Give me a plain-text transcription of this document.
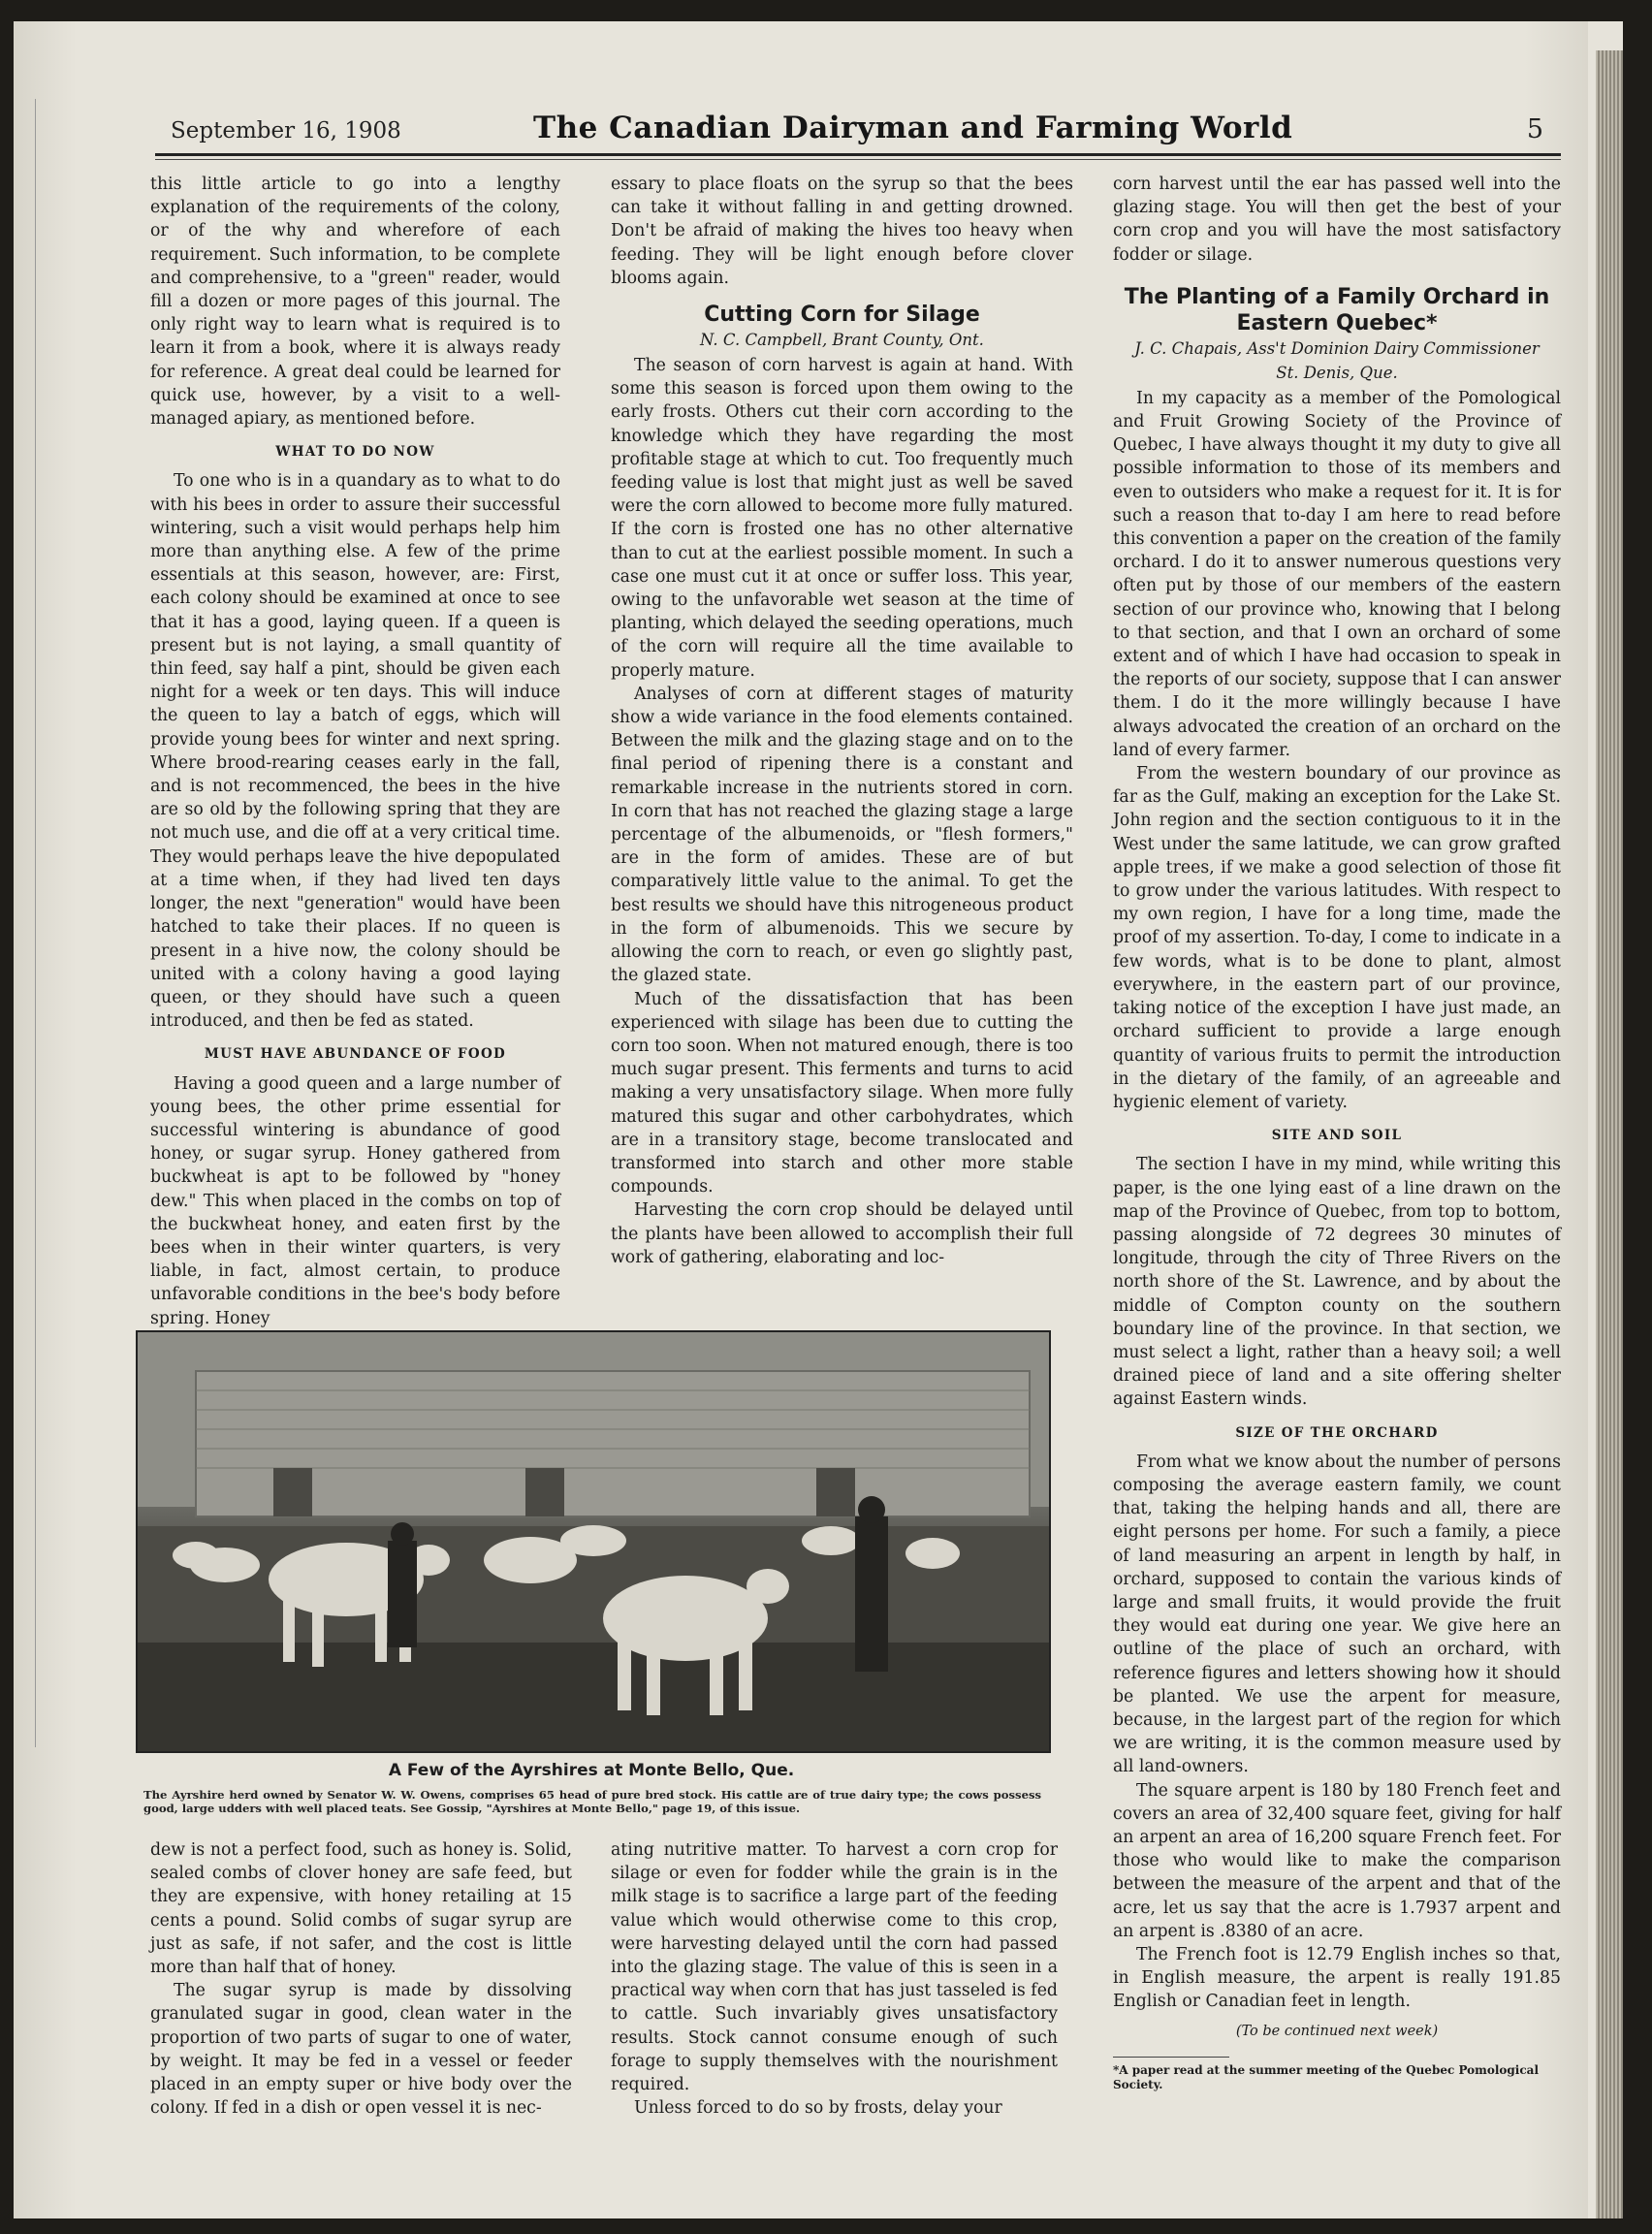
September 16, 1908	The Canadian Dairyman and Farming World	5

this little article to go into a lengthy explanation of the requirements of the colony, or of the why and wherefore of each requirement. Such information, to be complete and comprehensive, to a "green" reader, would fill a dozen or more pages of this journal. The only right way to learn what is required is to learn it from a book, where it is always ready for reference. A great deal could be learned for quick use, however, by a visit to a well-managed apiary, as mentioned before.

WHAT TO DO NOW

To one who is in a quandary as to what to do with his bees in order to assure their successful wintering, such a visit would perhaps help him more than anything else. A few of the prime essentials at this season, however, are: First, each colony should be examined at once to see that it has a good, laying queen. If a queen is present but is not laying, a small quantity of thin feed, say half a pint, should be given each night for a week or ten days. This will induce the queen to lay a batch of eggs, which will provide young bees for winter and next spring. Where brood-rearing ceases early in the fall, and is not recommenced, the bees in the hive are so old by the following spring that they are not much use, and die off at a very critical time. They would perhaps leave the hive depopulated at a time when, if they had lived ten days longer, the next "generation" would have been hatched to take their places. If no queen is present in a hive now, the colony should be united with a colony having a good laying queen, or they should have such a queen introduced, and then be fed as stated.

MUST HAVE ABUNDANCE OF FOOD

Having a good queen and a large number of young bees, the other prime essential for successful wintering is abundance of good honey, or sugar syrup. Honey gathered from buckwheat is apt to be followed by "honey dew." This when placed in the combs on top of the buckwheat honey, and eaten first by the bees when in their winter quarters, is very liable, in fact, almost certain, to produce unfavorable conditions in the bee's body before spring. Honey

essary to place floats on the syrup so that the bees can take it without falling in and getting drowned. Don't be afraid of making the hives too heavy when feeding. They will be light enough before clover blooms again.

Cutting Corn for Silage
N. C. Campbell, Brant County, Ont.

The season of corn harvest is again at hand. With some this season is forced upon them owing to the early frosts. Others cut their corn according to the knowledge which they have regarding the most profitable stage at which to cut. Too frequently much feeding value is lost that might just as well be saved were the corn allowed to become more fully matured. If the corn is frosted one has no other alternative than to cut at the earliest possible moment. In such a case one must cut it at once or suffer loss. This year, owing to the unfavorable wet season at the time of planting, which delayed the seeding operations, much of the corn will require all the time available to properly mature.

Analyses of corn at different stages of maturity show a wide variance in the food elements contained. Between the milk and the glazing stage and on to the final period of ripening there is a constant and remarkable increase in the nutrients stored in corn. In corn that has not reached the glazing stage a large percentage of the albumenoids, or "flesh formers," are in the form of amides. These are of but comparatively little value to the animal. To get the best results we should have this nitrogeneous product in the form of albumenoids. This we secure by allowing the corn to reach, or even go slightly past, the glazed state.

Much of the dissatisfaction that has been experienced with silage has been due to cutting the corn too soon. When not matured enough, there is too much sugar present. This ferments and turns to acid making a very unsatisfactory silage. When more fully matured this sugar and other carbohydrates, which are in a transitory stage, become translocated and transformed into starch and other more stable compounds.

Harvesting the corn crop should be delayed until the plants have been allowed to accomplish their full work of gathering, elaborating and loc-

corn harvest until the ear has passed well into the glazing stage. You will then get the best of your corn crop and you will have the most satisfactory fodder or silage.

The Planting of a Family Orchard in Eastern Quebec*
J. C. Chapais, Ass't Dominion Dairy Commissioner
St. Denis, Que.

In my capacity as a member of the Pomological and Fruit Growing Society of the Province of Quebec, I have always thought it my duty to give all possible information to those of its members and even to outsiders who make a request for it. It is for such a reason that to-day I am here to read before this convention a paper on the creation of the family orchard. I do it to answer numerous questions very often put by those of our members of the eastern section of our province who, knowing that I belong to that section, and that I own an orchard of some extent and of which I have had occasion to speak in the reports of our society, suppose that I can answer them. I do it the more willingly because I have always advocated the creation of an orchard on the land of every farmer.

From the western boundary of our province as far as the Gulf, making an exception for the Lake St. John region and the section contiguous to it in the West under the same latitude, we can grow grafted apple trees, if we make a good selection of those fit to grow under the various latitudes. With respect to my own region, I have for a long time, made the proof of my assertion. To-day, I come to indicate in a few words, what is to be done to plant, almost everywhere, in the eastern part of our province, taking notice of the exception I have just made, an orchard sufficient to provide a large enough quantity of various fruits to permit the introduction in the dietary of the family, of an agreeable and hygienic element of variety.

SITE AND SOIL

The section I have in my mind, while writing this paper, is the one lying east of a line drawn on the map of the Province of Quebec, from top to bottom, passing alongside of 72 degrees 30 minutes of longitude, through the city of Three Rivers on the north shore of the St. Lawrence, and by about the middle of Compton county on the southern boundary line of the province. In that section, we must select a light, rather than a heavy soil; a well drained piece of land and a site offering shelter against Eastern winds.

SIZE OF THE ORCHARD

From what we know about the number of persons composing the average eastern family, we count that, taking the helping hands and all, there are eight persons per home. For such a family, a piece of land measuring an arpent in length by half, in orchard, supposed to contain the various kinds of large and small fruits, it would provide the fruit they would eat during one year. We give here an outline of the place of such an orchard, with reference figures and letters showing how it should be planted. We use the arpent for measure, because, in the largest part of the region for which we are writing, it is the common measure used by all land-owners.

The square arpent is 180 by 180 French feet and covers an area of 32,400 square feet, giving for half an arpent an area of 16,200 square French feet. For those who would like to make the comparison between the measure of the arpent and that of the acre, let us say that the acre is 1.7937 arpent and an arpent is .8380 of an acre.

The French foot is 12.79 English inches so that, in English measure, the arpent is really 191.85 English or Canadian feet in length.

(To be continued next week)
*A paper read at the summer meeting of the Quebec Pomological Society.
A Few of the Ayrshires at Monte Bello, Que.
The Ayrshire herd owned by Senator W. W. Owens, comprises 65 head of pure bred stock. His cattle are of true dairy type; the cows possess good, large udders with well placed teats. See Gossip, "Ayrshires at Monte Bello," page 19, of this issue.

dew is not a perfect food, such as honey is. Solid, sealed combs of clover honey are safe feed, but they are expensive, with honey retailing at 15 cents a pound. Solid combs of sugar syrup are just as safe, if not safer, and the cost is little more than half that of honey.

The sugar syrup is made by dissolving granulated sugar in good, clean water in the proportion of two parts of sugar to one of water, by weight. It may be fed in a vessel or feeder placed in an empty super or hive body over the colony. If fed in a dish or open vessel it is nec-

ating nutritive matter. To harvest a corn crop for silage or even for fodder while the grain is in the milk stage is to sacrifice a large part of the feeding value which would otherwise come to this crop, were harvesting delayed until the corn had passed into the glazing stage. The value of this is seen in a practical way when corn that has just tasseled is fed to cattle. Such invariably gives unsatisfactory results. Stock cannot consume enough of such forage to supply themselves with the nourishment required.

Unless forced to do so by frosts, delay your
